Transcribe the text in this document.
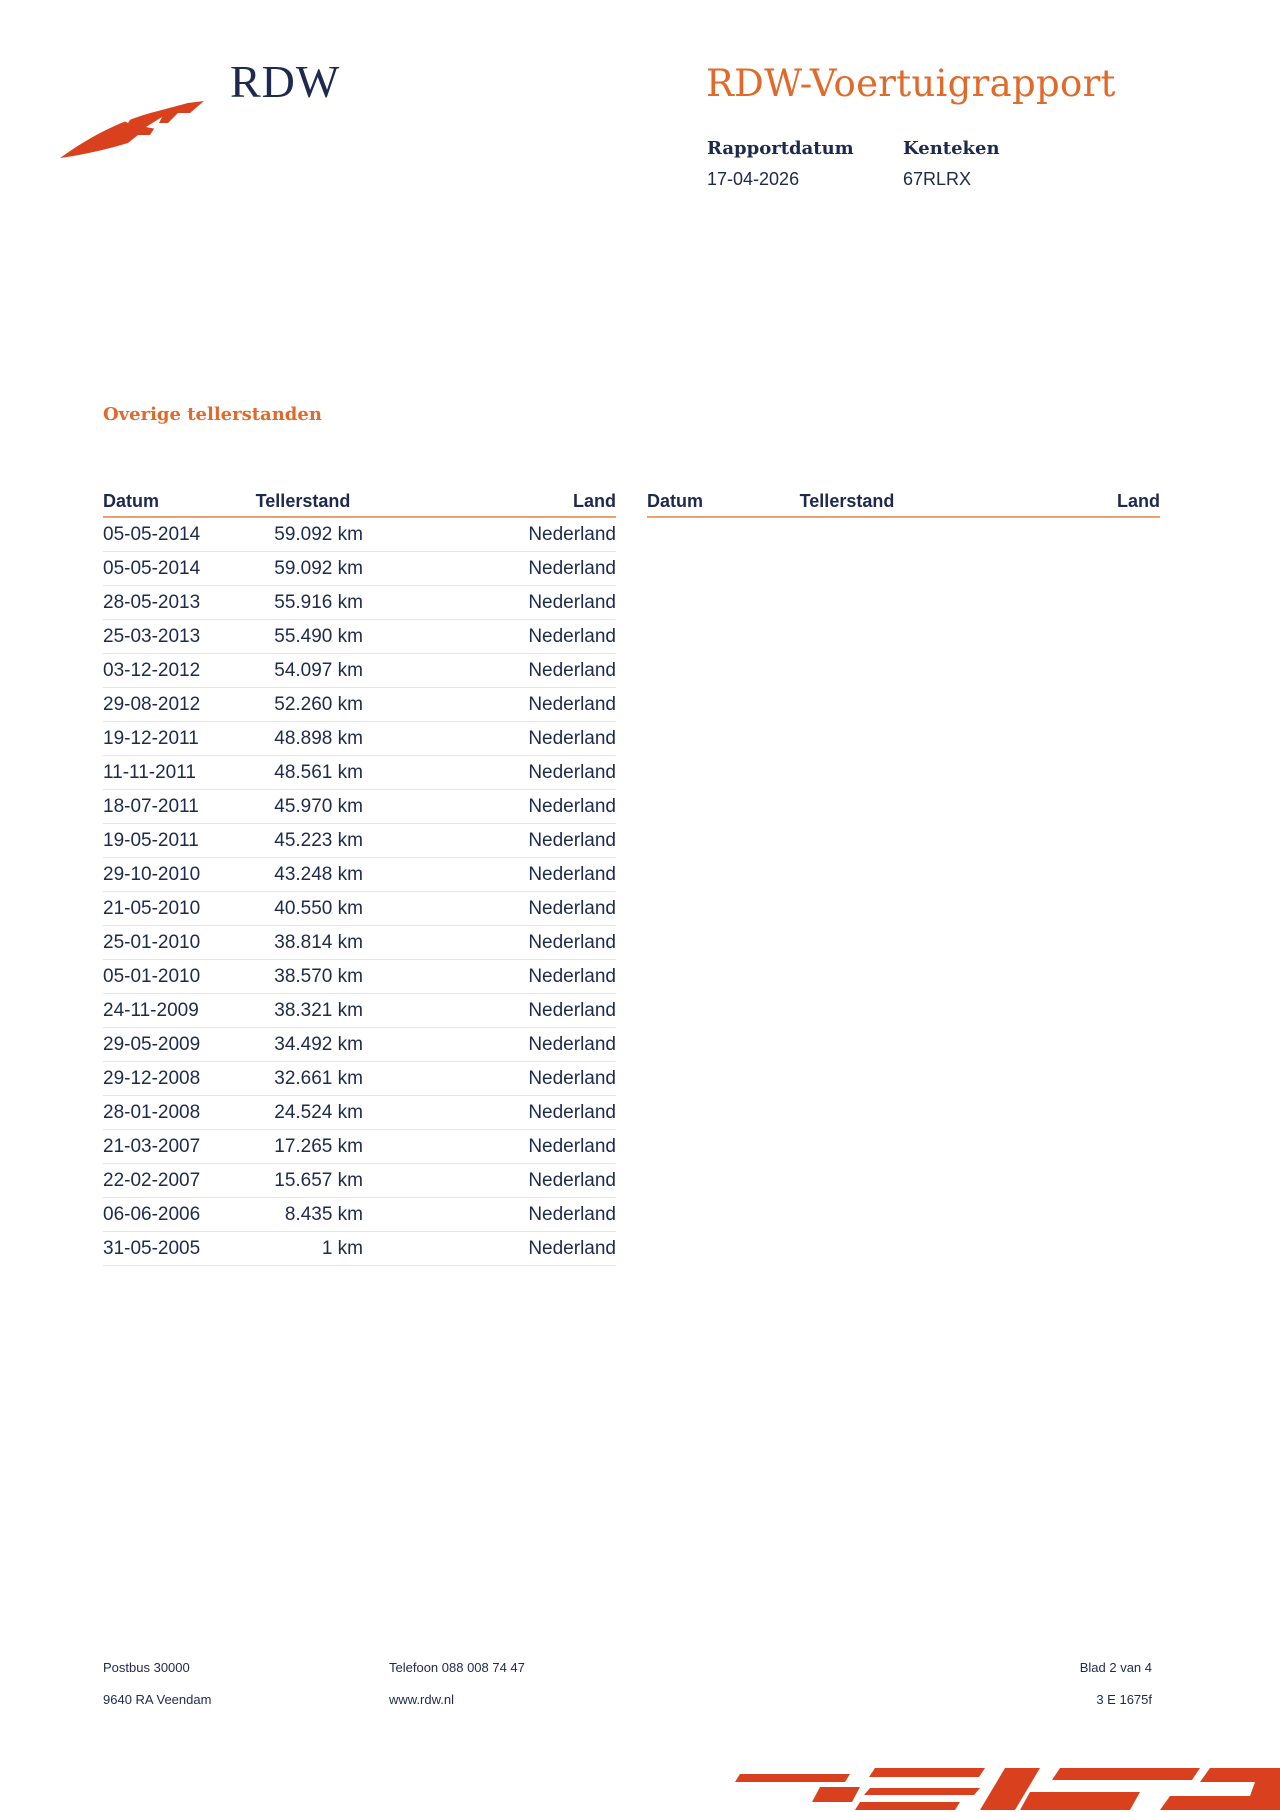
RDW	RDW-Voertuigrapport
Rapportdatum
17-04-2026
Kenteken
67RLRX
Overige tellerstanden
Datum	Tellerstand	Land
05-05-2014	59.092 km	Nederland
05-05-2014	59.092 km	Nederland
28-05-2013	55.916 km	Nederland
25-03-2013	55.490 km	Nederland
03-12-2012	54.097 km	Nederland
29-08-2012	52.260 km	Nederland
19-12-2011	48.898 km	Nederland
11-11-2011	48.561 km	Nederland
18-07-2011	45.970 km	Nederland
19-05-2011	45.223 km	Nederland
29-10-2010	43.248 km	Nederland
21-05-2010	40.550 km	Nederland
25-01-2010	38.814 km	Nederland
05-01-2010	38.570 km	Nederland
24-11-2009	38.321 km	Nederland
29-05-2009	34.492 km	Nederland
29-12-2008	32.661 km	Nederland
28-01-2008	24.524 km	Nederland
21-03-2007	17.265 km	Nederland
22-02-2007	15.657 km	Nederland
06-06-2006	8.435 km	Nederland
31-05-2005	1 km	Nederland
Datum	Tellerstand	Land
Postbus 30000
9640 RA Veendam
Telefoon 088 008 74 47
www.rdw.nl
Blad 2 van 4
3 E 1675f
